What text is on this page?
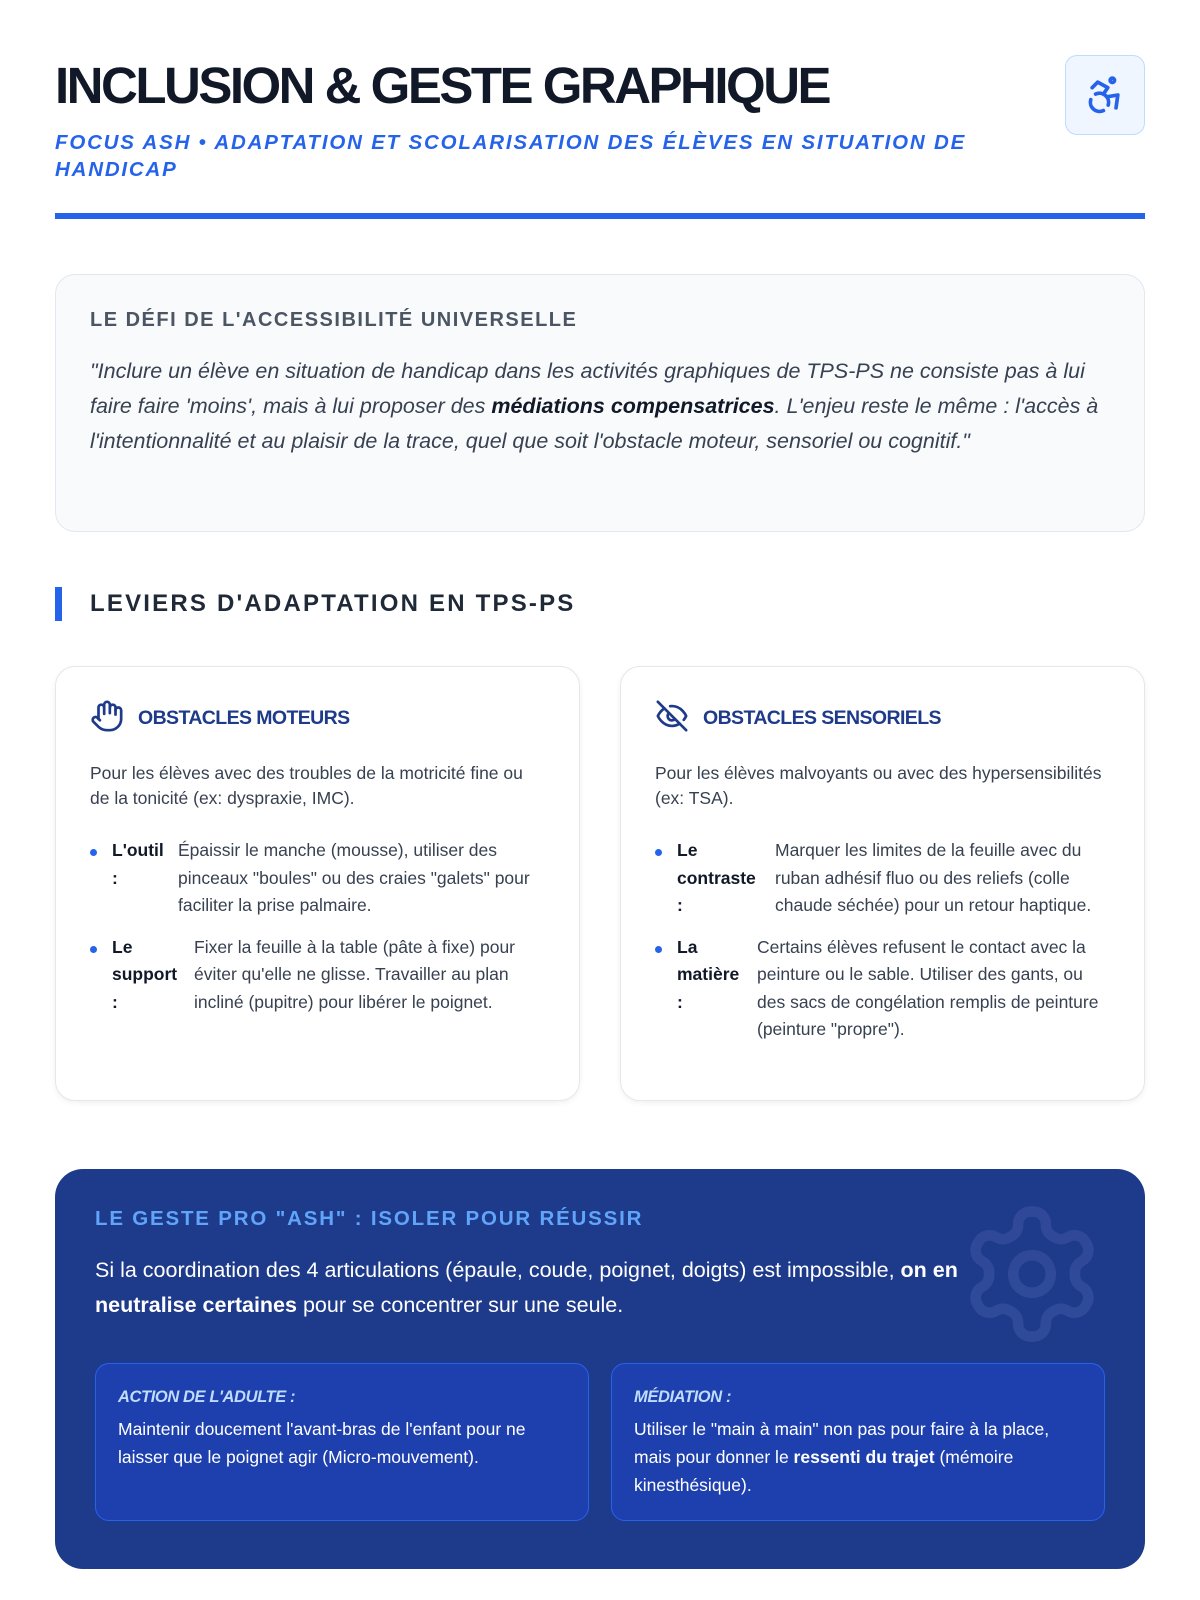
INCLUSION & GESTE GRAPHIQUE

FOCUS ASH • ADAPTATION ET SCOLARISATION DES ÉLÈVES EN SITUATION DE HANDICAP

LE DÉFI DE L'ACCESSIBILITÉ UNIVERSELLE

"Inclure un élève en situation de handicap dans les activités graphiques de TPS-PS ne consiste pas à lui faire faire 'moins', mais à lui proposer des médiations compensatrices. L'enjeu reste le même : l'accès à l'intentionnalité et au plaisir de la trace, quel que soit l'obstacle moteur, sensoriel ou cognitif."

LEVIERS D'ADAPTATION EN TPS-PS
OBSTACLES MOTEURS

Pour les élèves avec des troubles de la motricité fine ou de la tonicité (ex: dyspraxie, IMC).

L'outil :
Épaissir le manche (mousse), utiliser des pinceaux "boules" ou des craies "galets" pour faciliter la prise palmaire.
Le support :
Fixer la feuille à la table (pâte à fixe) pour éviter qu'elle ne glisse. Travailler au plan incliné (pupitre) pour libérer le poignet.
OBSTACLES SENSORIELS

Pour les élèves malvoyants ou avec des hypersensibilités (ex: TSA).

Le contraste :
Marquer les limites de la feuille avec du ruban adhésif fluo ou des reliefs (colle chaude séchée) pour un retour haptique.
La matière :
Certains élèves refusent le contact avec la peinture ou le sable. Utiliser des gants, ou des sacs de congélation remplis de peinture (peinture "propre").
LE GESTE PRO "ASH" : ISOLER POUR RÉUSSIR

Si la coordination des 4 articulations (épaule, coude, poignet, doigts) est impossible, on en neutralise certaines pour se concentrer sur une seule.

ACTION DE L'ADULTE :

Maintenir doucement l'avant-bras de l'enfant pour ne laisser que le poignet agir (Micro-mouvement).

MÉDIATION :

Utiliser le "main à main" non pas pour faire à la place, mais pour donner le ressenti du trajet (mémoire kinesthésique).
